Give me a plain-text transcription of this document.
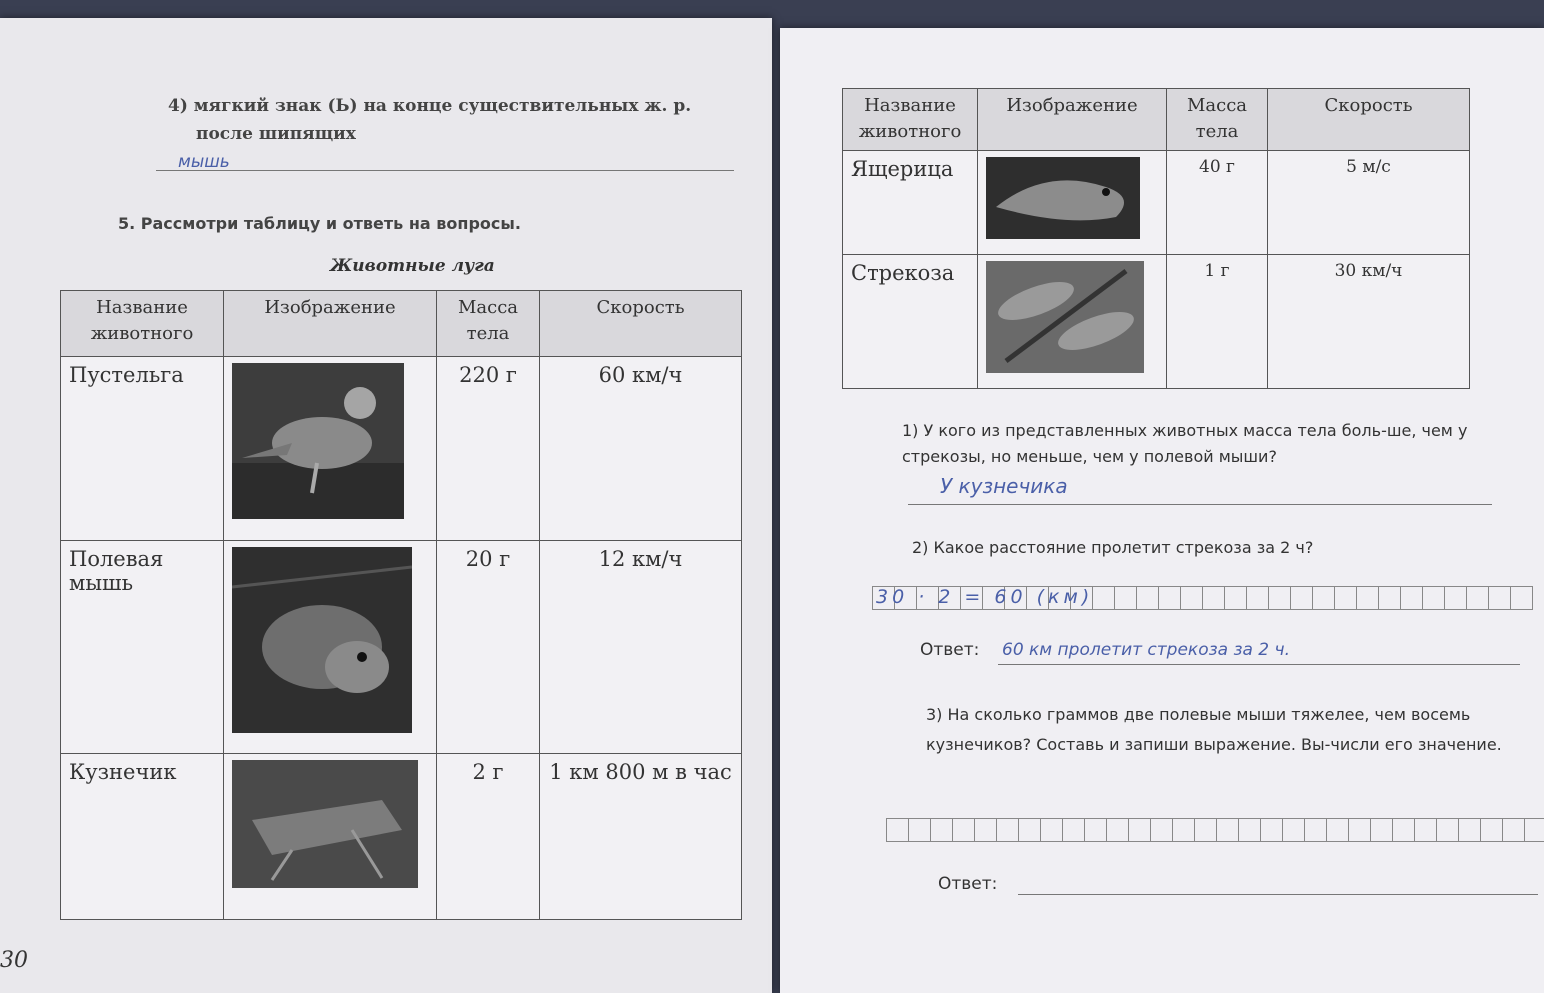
4) мягкий знак (Ь) на конце существительных ж. р.
после шипящих
мышь
5. Рассмотри таблицу и ответь на вопросы.
Животные луга
Название животного	Изображение	Масса тела	Скорость
Пустельга		220 г	60 км/ч
Полевая мышь		20 г	12 км/ч
Кузнечик		2 г	1 км 800 м в час
30
Название животного	Изображение	Масса тела	Скорость
Ящерица		40 г	5 м/с
Стрекоза		1 г	30 км/ч
1) У кого из представленных животных масса тела боль-ше, чем у стрекозы, но меньше, чем у полевой мыши?
У кузнечика
2) Какое расстояние пролетит стрекоза за 2 ч?
30 · 2 = 60 (км)
Ответ: 60 км пролетит стрекоза за 2 ч.
3) На сколько граммов две полевые мыши тяжелее, чем восемь кузнечиков? Составь и запиши выражение. Вы-числи его значение.
Ответ:
